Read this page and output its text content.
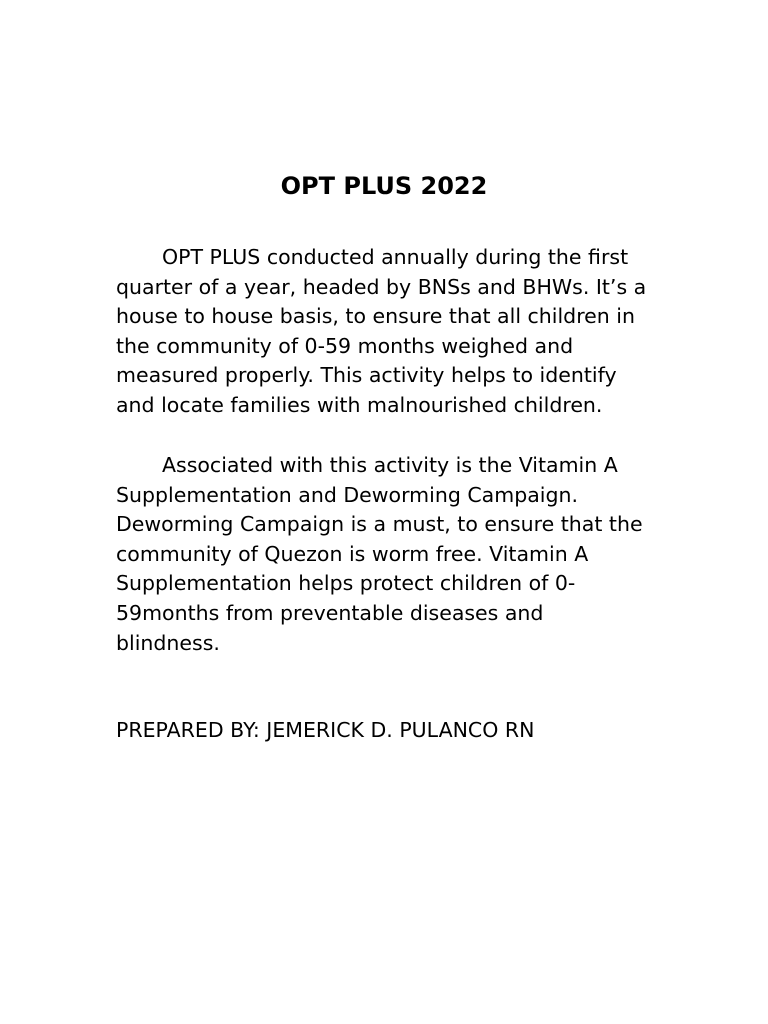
OPT PLUS 2022
OPT PLUS conducted annually during the first
quarter of a year, headed by BNSs and BHWs. It’s a
house to house basis, to ensure that all children in
the community of 0-59 months weighed and
measured properly. This activity helps to identify
and locate families with malnourished children.
Associated with this activity is the Vitamin A
Supplementation and Deworming Campaign.
Deworming Campaign is a must, to ensure that the
community of Quezon is worm free. Vitamin A
Supplementation helps protect children of 0-
59months from preventable diseases and
blindness.

PREPARED BY: JEMERICK D. PULANCO RN
